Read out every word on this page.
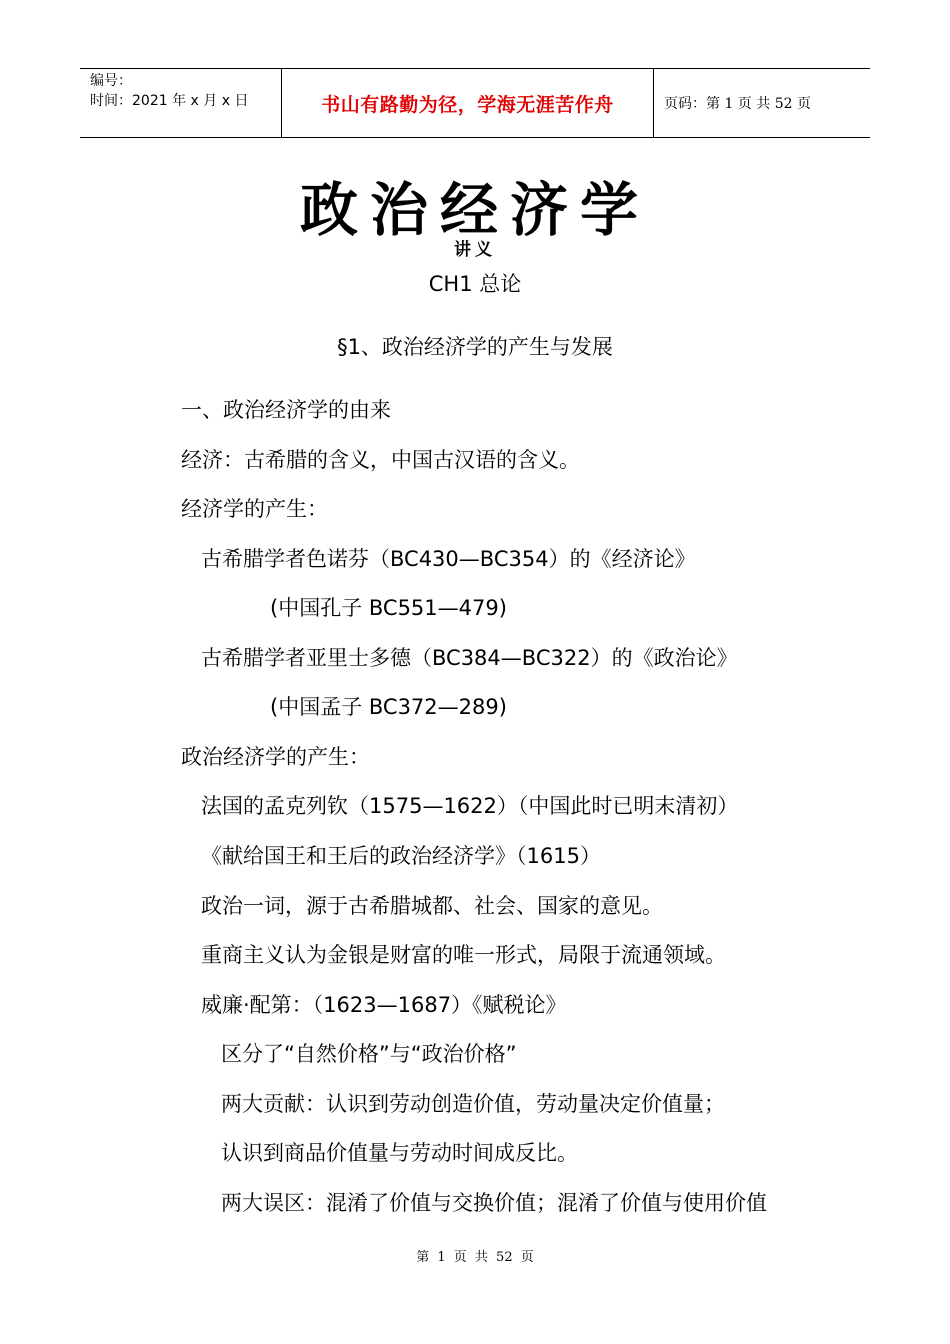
编号：
时间：2021 年 x 月 x 日	书山有路勤为径，学海无涯苦作舟	页码：第 1 页 共 52 页
政治经济学
讲义
CH1 总论
§1、政治经济学的产生与发展
一、政治经济学的由来
经济：古希腊的含义，中国古汉语的含义。
经济学的产生：
古希腊学者色诺芬（BC430—BC354）的《经济论》
(中国孔子 BC551—479)
古希腊学者亚里士多德（BC384—BC322）的《政治论》
(中国孟子 BC372—289)
政治经济学的产生：
法国的孟克列钦（1575—1622）（中国此时已明末清初）
《献给国王和王后的政治经济学》（1615）
政治一词，源于古希腊城都、社会、国家的意见。
重商主义认为金银是财富的唯一形式，局限于流通领域。
威廉·配第：（1623—1687）《赋税论》
区分了“自然价格”与“政治价格”
两大贡献：认识到劳动创造价值，劳动量决定价值量；
认识到商品价值量与劳动时间成反比。
两大误区：混淆了价值与交换价值；混淆了价值与使用价值
第 1 页 共 52 页
